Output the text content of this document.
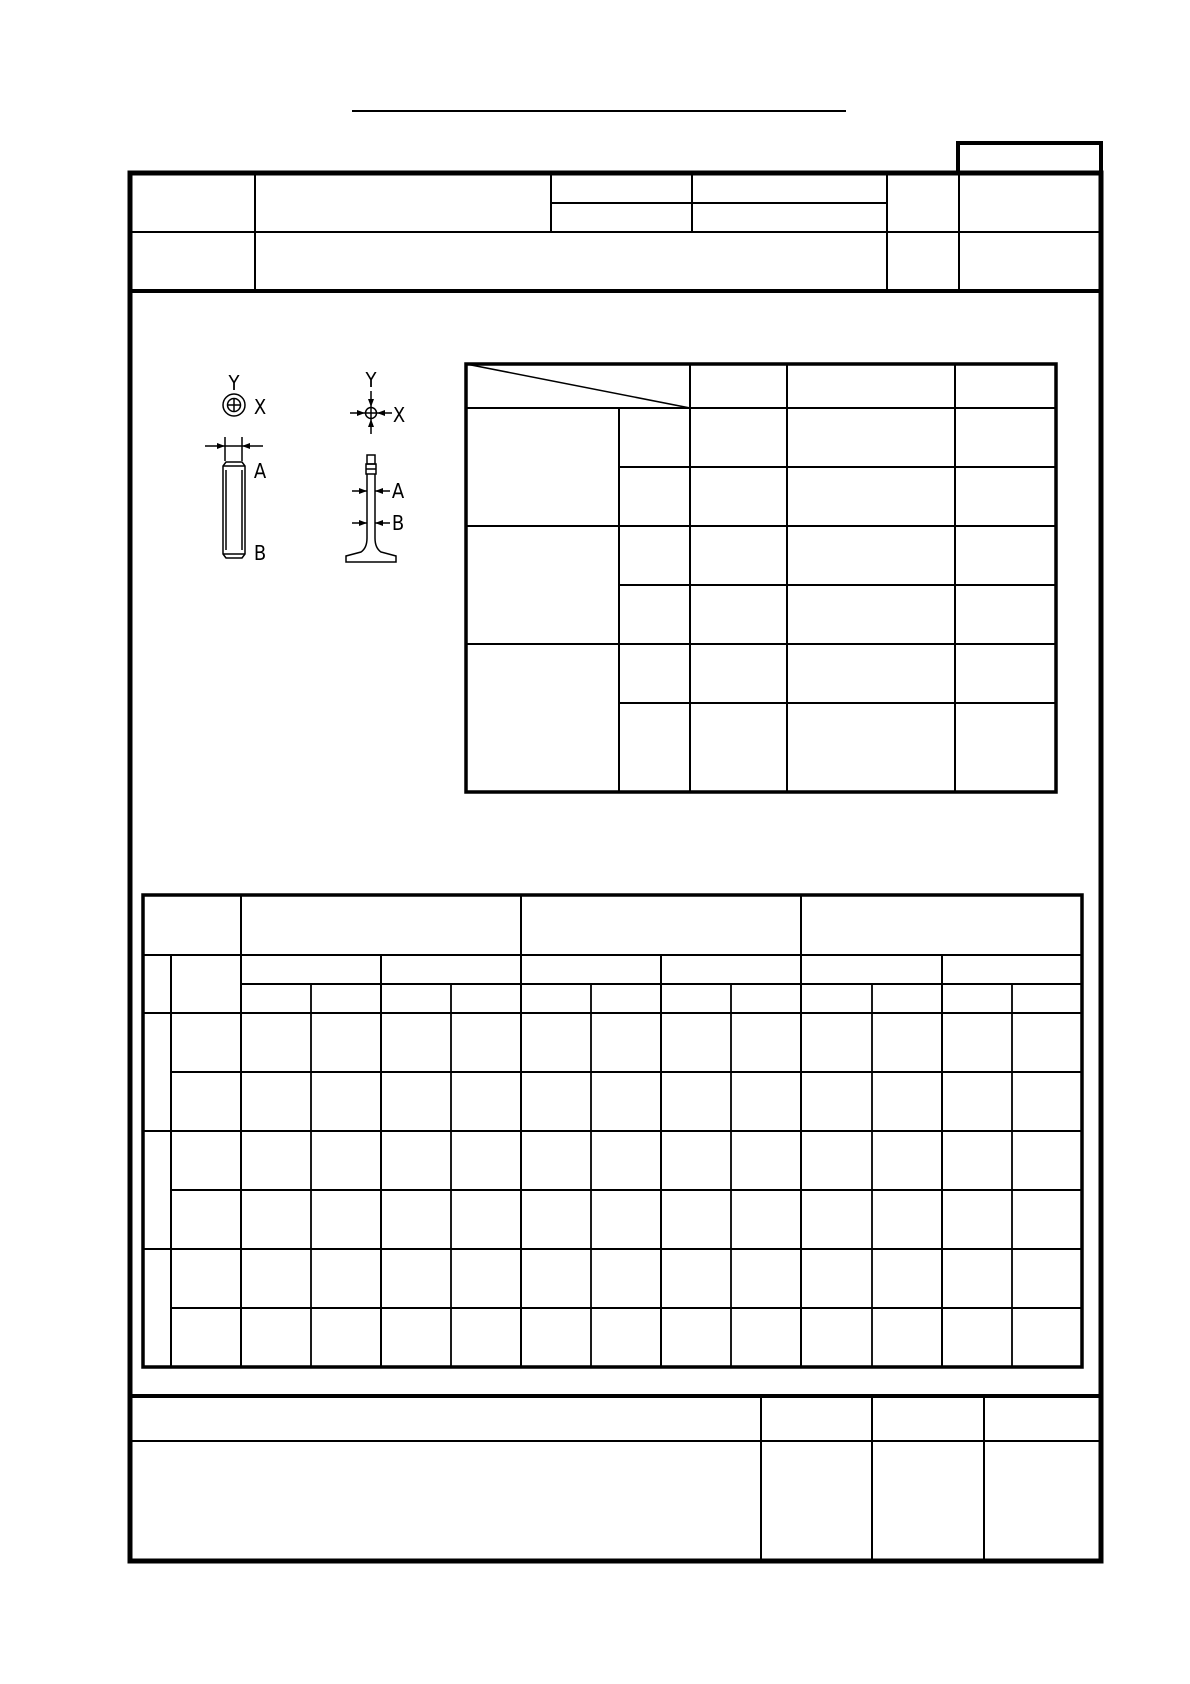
Y
X
A
B
Y
X
A
B
